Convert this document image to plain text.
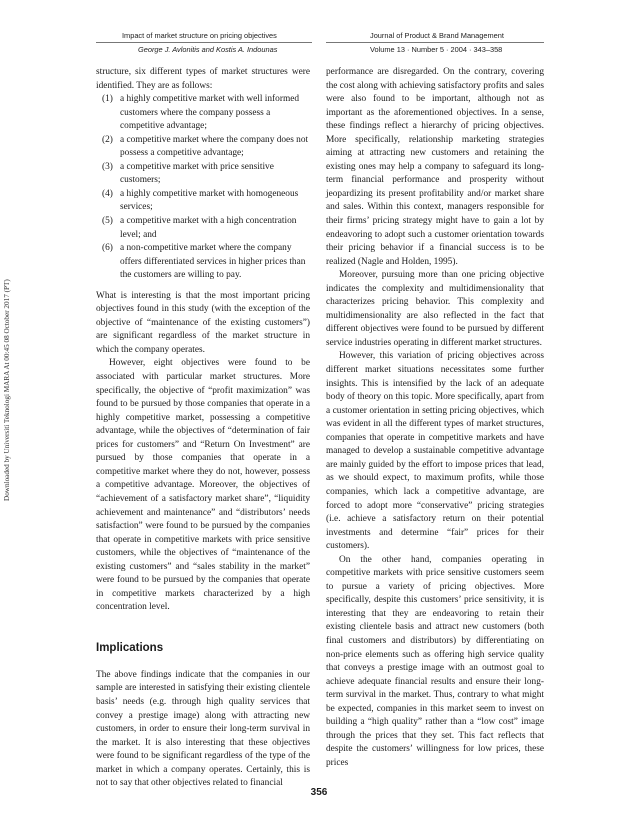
Impact of market structure on pricing objectives
George J. Avlonitis and Kostis A. Indounas
Journal of Product & Brand Management
Volume 13 · Number 5 · 2004 · 343–358
Downloaded by Universiti Teknologi MARA At 00:45 08 October 2017 (PT)

structure, six different types of market structures were identified. They are as follows:

(1) a highly competitive market with well informed customers where the company possess a competitive advantage;
(2) a competitive market where the company does not possess a competitive advantage;
(3) a competitive market with price sensitive customers;
(4) a highly competitive market with homogeneous services;
(5) a competitive market with a high concentration level; and
(6) a non-competitive market where the company offers differentiated services in higher prices than the customers are willing to pay.

What is interesting is that the most important pricing objectives found in this study (with the exception of the objective of “maintenance of the existing customers”) are significant regardless of the market structure in which the company operates.

However, eight objectives were found to be associated with particular market structures. More specifically, the objective of “profit maximization” was found to be pursued by those companies that operate in a highly competitive market, possessing a competitive advantage, while the objectives of “determination of fair prices for customers” and “Return On Investment” are pursued by those companies that operate in a competitive market where they do not, however, possess a competitive advantage. Moreover, the objectives of “achievement of a satisfactory market share”, “liquidity achievement and maintenance” and “distributors’ needs satisfaction” were found to be pursued by the companies that operate in competitive markets with price sensitive customers, while the objectives of “maintenance of the existing customers” and “sales stability in the market” were found to be pursued by the companies that operate in competitive markets characterized by a high concentration level.

Implications

The above findings indicate that the companies in our sample are interested in satisfying their existing clientele basis’ needs (e.g. through high quality services that convey a prestige image) along with attracting new customers, in order to ensure their long-term survival in the market. It is also interesting that these objectives were found to be significant regardless of the type of the market in which a company operates. Certainly, this is not to say that other objectives related to financial

performance are disregarded. On the contrary, covering the cost along with achieving satisfactory profits and sales were also found to be important, although not as important as the aforementioned objectives. In a sense, these findings reflect a hierarchy of pricing objectives. More specifically, relationship marketing strategies aiming at attracting new customers and retaining the existing ones may help a company to safeguard its long-term financial performance and prosperity without jeopardizing its present profitability and/or market share and sales. Within this context, managers responsible for their firms’ pricing strategy might have to gain a lot by endeavoring to adopt such a customer orientation towards their pricing behavior if a financial success is to be realized (Nagle and Holden, 1995).

Moreover, pursuing more than one pricing objective indicates the complexity and multidimensionality that characterizes pricing behavior. This complexity and multidimensionality are also reflected in the fact that different objectives were found to be pursued by different service industries operating in different market structures.

However, this variation of pricing objectives across different market situations necessitates some further insights. This is intensified by the lack of an adequate body of theory on this topic. More specifically, apart from a customer orientation in setting pricing objectives, which was evident in all the different types of market structures, companies that operate in competitive markets and have managed to develop a sustainable competitive advantage are mainly guided by the effort to impose prices that lead, as we should expect, to maximum profits, while those companies, which lack a competitive advantage, are forced to adopt more “conservative” pricing strategies (i.e. achieve a satisfactory return on their potential investments and determine “fair” prices for their customers).

On the other hand, companies operating in competitive markets with price sensitive customers seem to pursue a variety of pricing objectives. More specifically, despite this customers’ price sensitivity, it is interesting that they are endeavoring to retain their existing clientele basis and attract new customers (both final customers and distributors) by differentiating on non-price elements such as offering high service quality that conveys a prestige image with an outmost goal to achieve adequate financial results and ensure their long-term survival in the market. Thus, contrary to what might be expected, companies in this market seem to invest on building a “high quality” rather than a “low cost” image through the prices that they set. This fact reflects that despite the customers’ willingness for low prices, these prices

356
